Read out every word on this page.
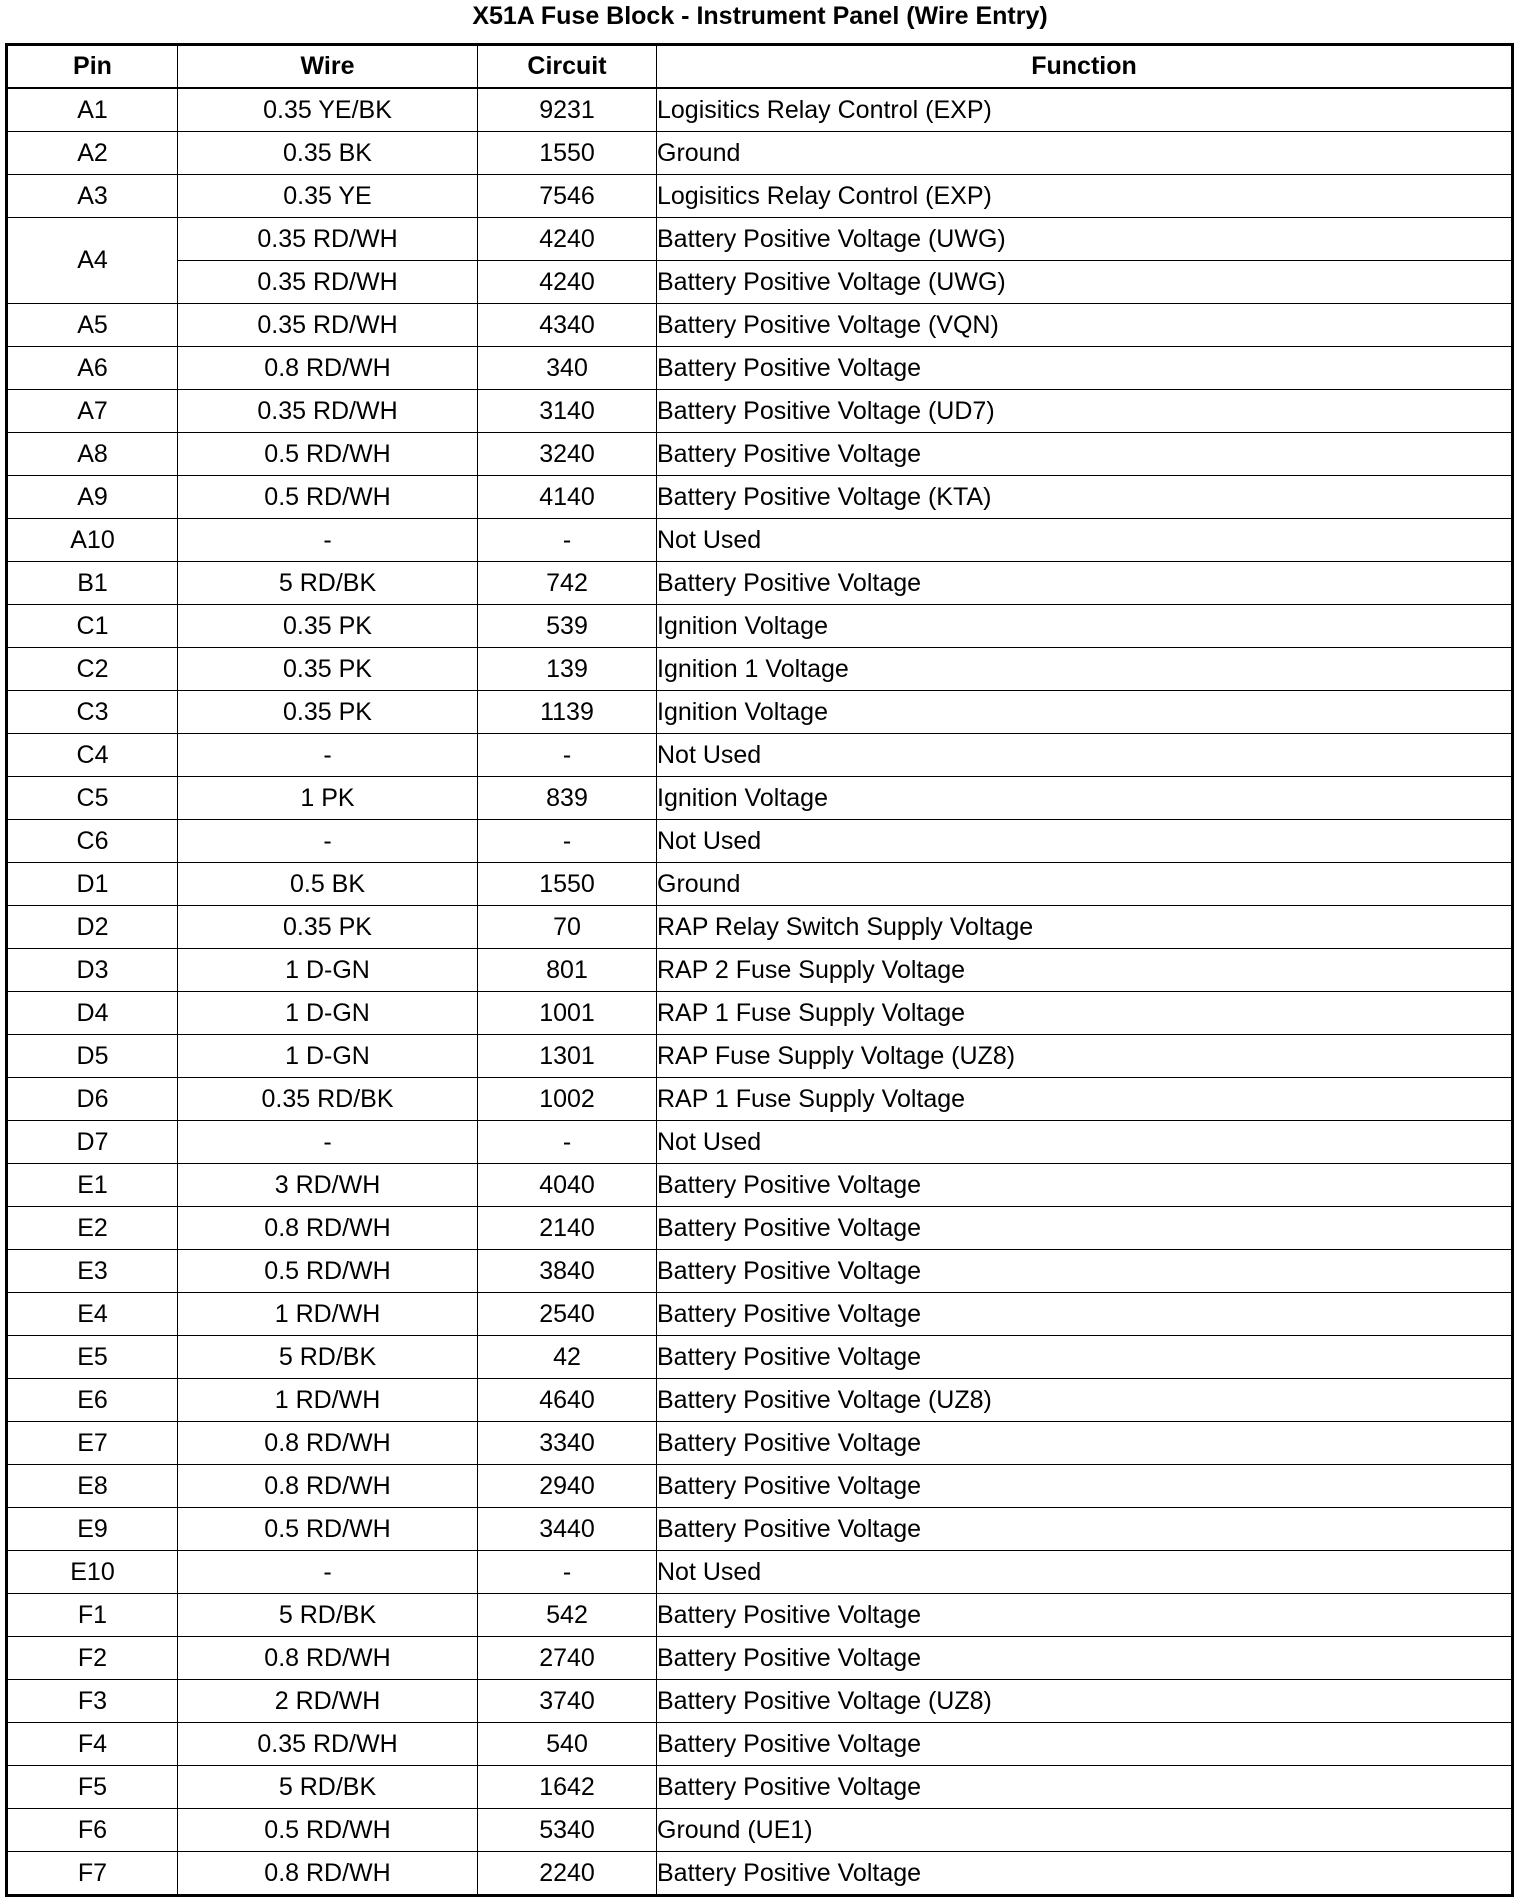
X51A Fuse Block - Instrument Panel (Wire Entry)
Pin	Wire	Circuit	Function
A1	0.35 YE/BK	9231	Logisitics Relay Control (EXP)
A2	0.35 BK	1550	Ground
A3	0.35 YE	7546	Logisitics Relay Control (EXP)
A4	0.35 RD/WH	4240	Battery Positive Voltage (UWG)
	0.35 RD/WH	4240	Battery Positive Voltage (UWG)
A5	0.35 RD/WH	4340	Battery Positive Voltage (VQN)
A6	0.8 RD/WH	340	Battery Positive Voltage
A7	0.35 RD/WH	3140	Battery Positive Voltage (UD7)
A8	0.5 RD/WH	3240	Battery Positive Voltage
A9	0.5 RD/WH	4140	Battery Positive Voltage (KTA)
A10	-	-	Not Used
B1	5 RD/BK	742	Battery Positive Voltage
C1	0.35 PK	539	Ignition Voltage
C2	0.35 PK	139	Ignition 1 Voltage
C3	0.35 PK	1139	Ignition Voltage
C4	-	-	Not Used
C5	1 PK	839	Ignition Voltage
C6	-	-	Not Used
D1	0.5 BK	1550	Ground
D2	0.35 PK	70	RAP Relay Switch Supply Voltage
D3	1 D-GN	801	RAP 2 Fuse Supply Voltage
D4	1 D-GN	1001	RAP 1 Fuse Supply Voltage
D5	1 D-GN	1301	RAP Fuse Supply Voltage (UZ8)
D6	0.35 RD/BK	1002	RAP 1 Fuse Supply Voltage
D7	-	-	Not Used
E1	3 RD/WH	4040	Battery Positive Voltage
E2	0.8 RD/WH	2140	Battery Positive Voltage
E3	0.5 RD/WH	3840	Battery Positive Voltage
E4	1 RD/WH	2540	Battery Positive Voltage
E5	5 RD/BK	42	Battery Positive Voltage
E6	1 RD/WH	4640	Battery Positive Voltage (UZ8)
E7	0.8 RD/WH	3340	Battery Positive Voltage
E8	0.8 RD/WH	2940	Battery Positive Voltage
E9	0.5 RD/WH	3440	Battery Positive Voltage
E10	-	-	Not Used
F1	5 RD/BK	542	Battery Positive Voltage
F2	0.8 RD/WH	2740	Battery Positive Voltage
F3	2 RD/WH	3740	Battery Positive Voltage (UZ8)
F4	0.35 RD/WH	540	Battery Positive Voltage
F5	5 RD/BK	1642	Battery Positive Voltage
F6	0.5 RD/WH	5340	Ground (UE1)
F7	0.8 RD/WH	2240	Battery Positive Voltage
